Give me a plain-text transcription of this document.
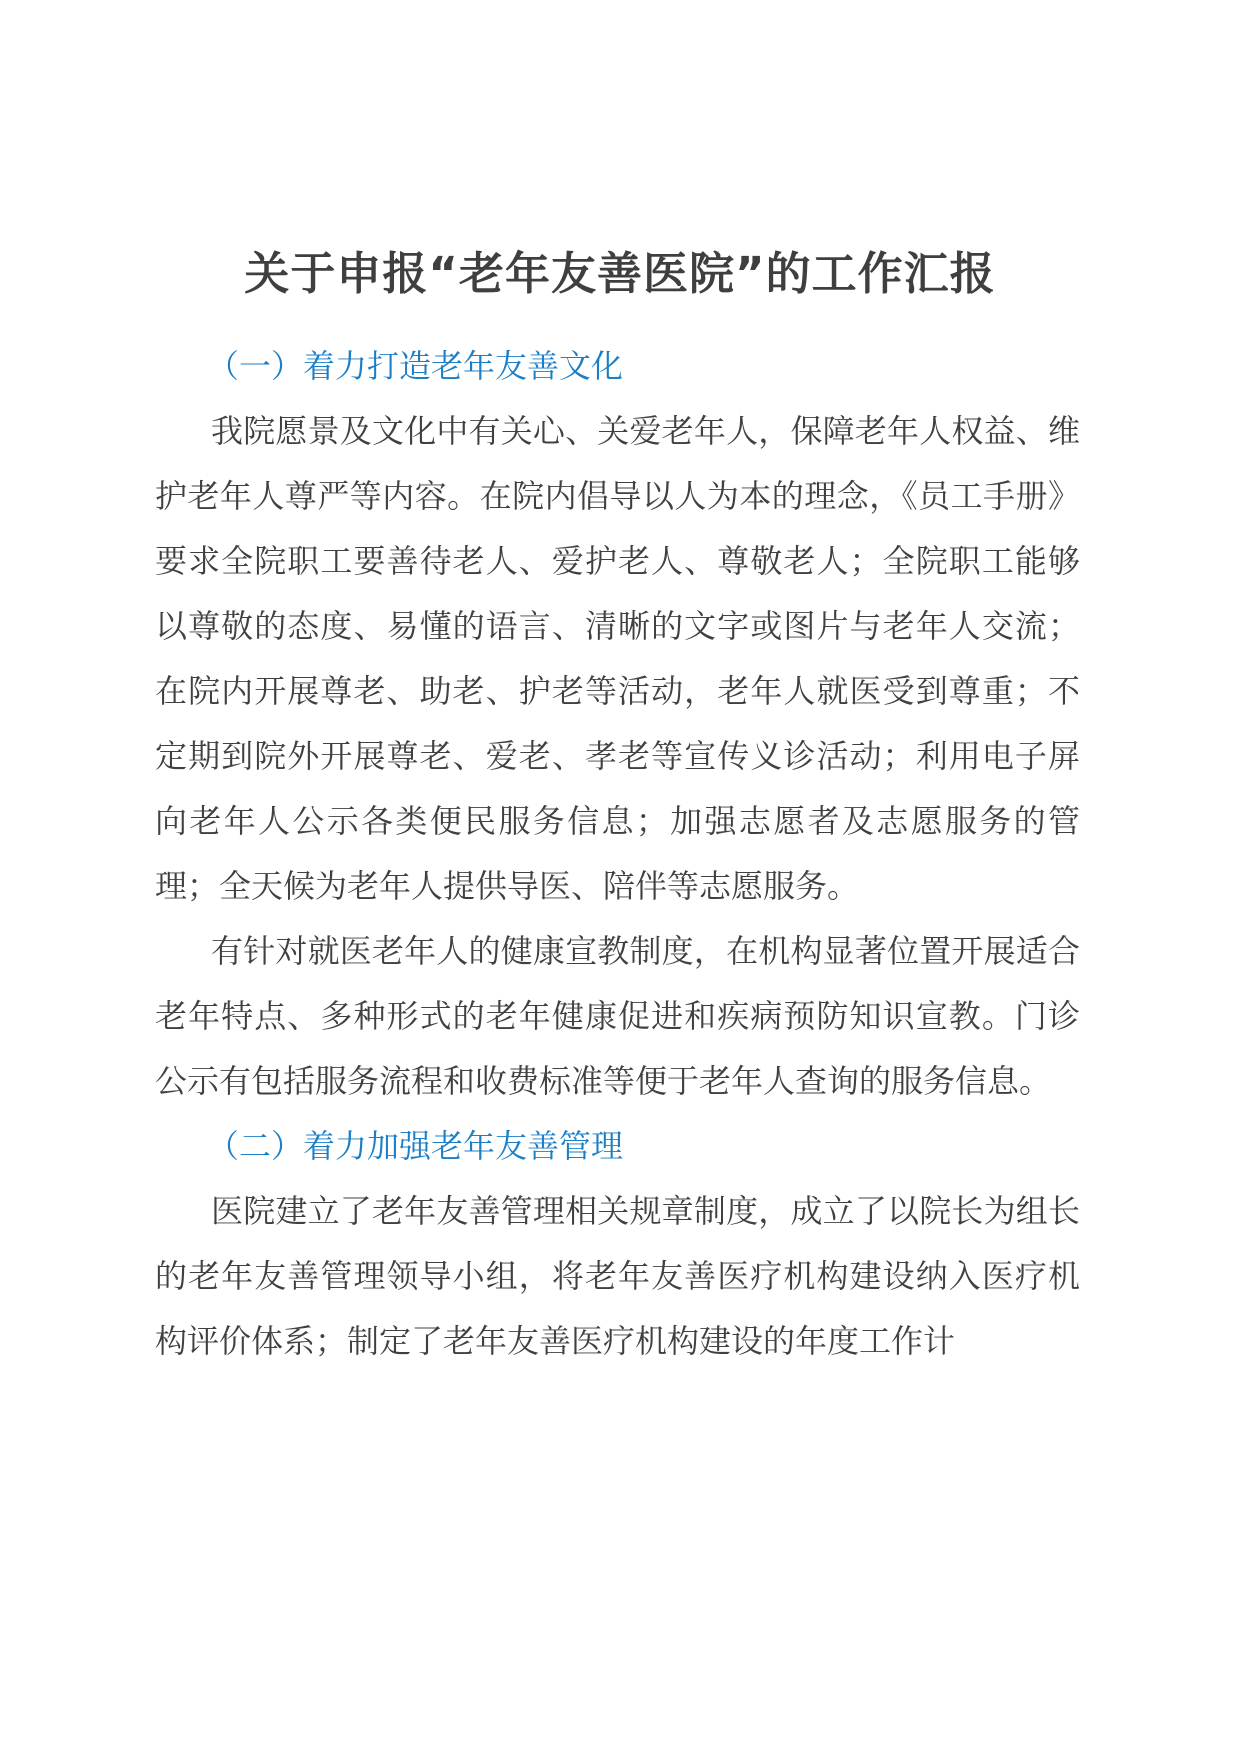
关于申报“老年友善医院”的工作汇报
（一）着力打造老年友善文化

我院愿景及文化中有关心、关爱老年人，保障老年人权益、维护老年人尊严等内容。在院内倡导以人为本的理念，《员工手册》要求全院职工要善待老人、爱护老人、尊敬老人；全院职工能够以尊敬的态度、易懂的语言、清晰的文字或图片与老年人交流；在院内开展尊老、助老、护老等活动，老年人就医受到尊重；不定期到院外开展尊老、爱老、孝老等宣传义诊活动；利用电子屏向老年人公示各类便民服务信息；加强志愿者及志愿服务的管理；全天候为老年人提供导医、陪伴等志愿服务。

有针对就医老年人的健康宣教制度，在机构显著位置开展适合老年特点、多种形式的老年健康促进和疾病预防知识宣教。门诊公示有包括服务流程和收费标准等便于老年人查询的服务信息。

（二）着力加强老年友善管理

医院建立了老年友善管理相关规章制度，成立了以院长为组长的老年友善管理领导小组，将老年友善医疗机构建设纳入医疗机构评价体系；制定了老年友善医疗机构建设的年度工作计
